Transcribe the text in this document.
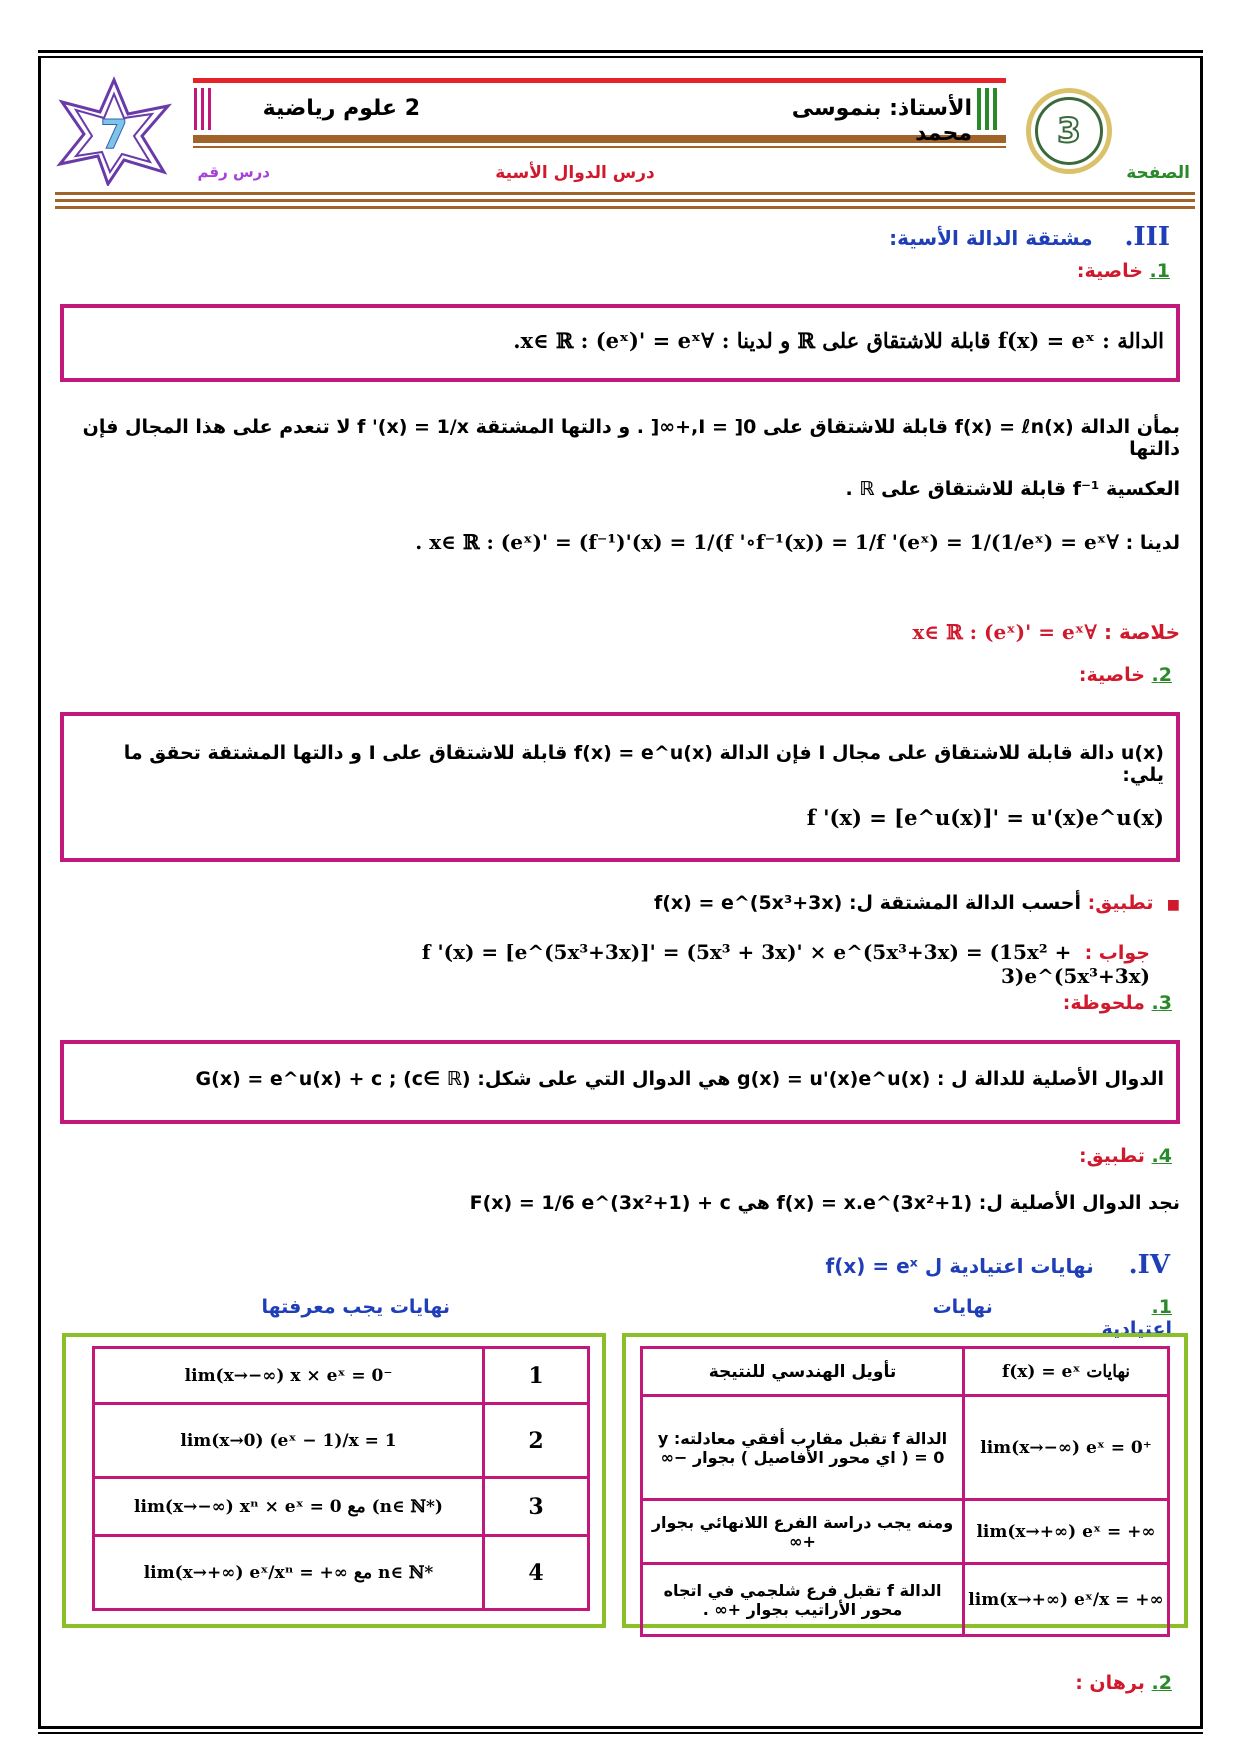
7
2 علوم رياضية	الأستاذ: بنموسى محمد	3
الصفحة
درس الدوال الأسية
درس رقم
III.     مشتقة الدالة الأسية:
1. خاصية:
الدالة : f(x) = eˣ قابلة للاشتقاق على ℝ و لدينا : ∀x∈ ℝ : (eˣ)' = eˣ.
بمأن الدالة f(x) = ℓn(x) قابلة للاشتقاق على I = ]0,+∞[ . و دالتها المشتقة f '(x) = 1/x لا تنعدم على هذا المجال فإن دالتها
العكسية f⁻¹ قابلة للاشتقاق على ℝ .
لدينا : ∀x∈ ℝ : (eˣ)' = (f⁻¹)'(x) = 1/(f '∘f⁻¹(x)) = 1/f '(eˣ) = 1/(1/eˣ) = eˣ .
خلاصة : ∀x∈ ℝ : (eˣ)' = eˣ
2. خاصية:
u(x) دالة قابلة للاشتقاق على مجال I فإن الدالة f(x) = e^u(x) قابلة للاشتقاق على I و دالتها المشتقة تحقق ما يلي:
f '(x) = [e^u(x)]' = u'(x)e^u(x)
■  تطبيق: أحسب الدالة المشتقة ل: f(x) = e^(5x³+3x)
جواب :  f '(x) = [e^(5x³+3x)]' = (5x³ + 3x)' × e^(5x³+3x) = (15x² + 3)e^(5x³+3x)
3. ملحوظة:
الدوال الأصلية للدالة ل : g(x) = u'(x)e^u(x) هي الدوال التي على شكل: G(x) = e^u(x) + c ; (c∈ ℝ)
4. تطبيق:
نجد الدوال الأصلية ل: f(x) = x.e^(3x²+1) هي F(x) = 1/6 e^(3x²+1) + c
IV.     نهايات اعتيادية ل f(x) = eˣ
1.                        نهايات اعتيادية
نهايات يجب معرفتها
تأويل الهندسي للنتيجة	نهايات f(x) = eˣ
الدالة f تقبل مقارب أفقي معادلته: y = 0 ( اي محور الأفاصيل ) بجوار −∞	lim(x→−∞) eˣ = 0⁺
ومنه يجب دراسة الفرع اللانهائي بجوار +∞	lim(x→+∞) eˣ = +∞
الدالة f تقبل فرع شلجمي في اتجاه محور الأراتيب بجوار +∞ .	lim(x→+∞) eˣ/x = +∞
lim(x→−∞) x × eˣ = 0⁻	1
lim(x→0) (eˣ − 1)/x = 1	2
lim(x→−∞) xⁿ × eˣ = 0 مع (n∈ ℕ*)	3
lim(x→+∞) eˣ/xⁿ = +∞ مع n∈ ℕ*	4
2. برهان :
